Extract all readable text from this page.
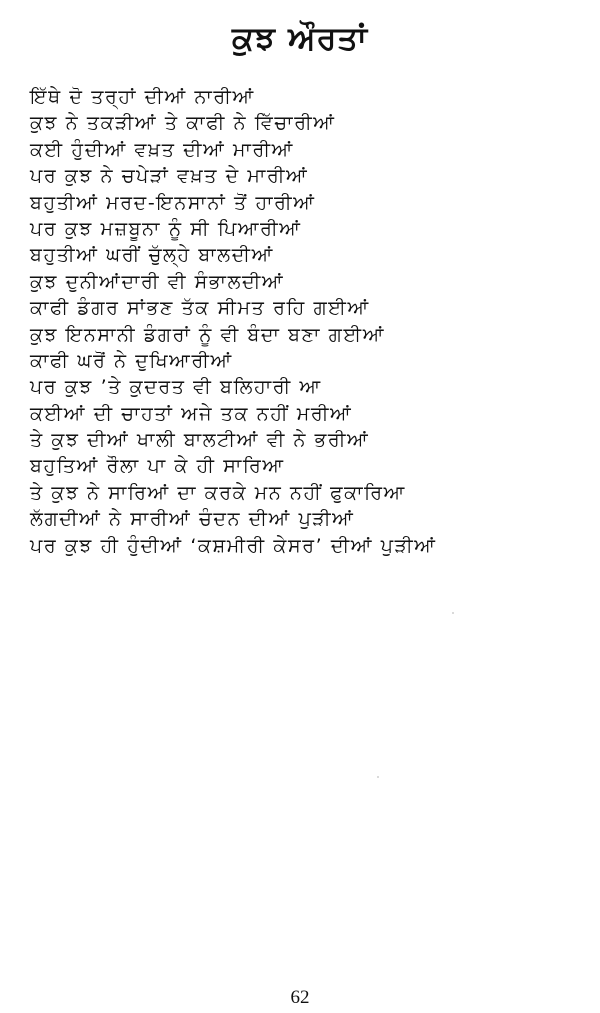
ਕੁਝ ਔਰਤਾਂ
ਇੱਥੇ ਦੋ ਤਰ੍ਹਾਂ ਦੀਆਂ ਨਾਰੀਆਂ
ਕੁਝ ਨੇ ਤਕੜੀਆਂ ਤੇ ਕਾਫੀ ਨੇ ਵਿੱਚਾਰੀਆਂ
ਕਈ ਹੁੰਦੀਆਂ ਵਖ਼ਤ ਦੀਆਂ ਮਾਰੀਆਂ
ਪਰ ਕੁਝ ਨੇ ਚਪੇੜਾਂ ਵਖ਼ਤ ਦੇ ਮਾਰੀਆਂ
ਬਹੁਤੀਆਂ ਮਰਦ-ਇਨਸਾਨਾਂ ਤੋਂ ਹਾਰੀਆਂ
ਪਰ ਕੁਝ ਮਜ਼ਬੂਨਾ ਨੂੰ ਸੀ ਪਿਆਰੀਆਂ
ਬਹੁਤੀਆਂ ਘਰੀਂ ਚੁੱਲ੍ਹੇ ਬਾਲਦੀਆਂ
ਕੁਝ ਦੁਨੀਆਂਦਾਰੀ ਵੀ ਸੰਭਾਲਦੀਆਂ
ਕਾਫੀ ਡੰਗਰ ਸਾਂਭਣ ਤੱਕ ਸੀਮਤ ਰਹਿ ਗਈਆਂ
ਕੁਝ ਇਨਸਾਨੀ ਡੰਗਰਾਂ ਨੂੰ ਵੀ ਬੰਦਾ ਬਣਾ ਗਈਆਂ
ਕਾਫੀ ਘਰੋਂ ਨੇ ਦੁਖਿਆਰੀਆਂ
ਪਰ ਕੁਝ ’ਤੇ ਕੁਦਰਤ ਵੀ ਬਲਿਹਾਰੀ ਆ
ਕਈਆਂ ਦੀ ਚਾਹਤਾਂ ਅਜੇ ਤਕ ਨਹੀਂ ਮਰੀਆਂ
ਤੇ ਕੁਝ ਦੀਆਂ ਖਾਲੀ ਬਾਲਟੀਆਂ ਵੀ ਨੇ ਭਰੀਆਂ
ਬਹੁਤਿਆਂ ਰੌਲਾ ਪਾ ਕੇ ਹੀ ਸਾਰਿਆ
ਤੇ ਕੁਝ ਨੇ ਸਾਰਿਆਂ ਦਾ ਕਰਕੇ ਮਨ ਨਹੀਂ ਫੁਕਾਰਿਆ
ਲੱਗਦੀਆਂ ਨੇ ਸਾਰੀਆਂ ਚੰਦਨ ਦੀਆਂ ਪੁੜੀਆਂ
ਪਰ ਕੁਝ ਹੀ ਹੁੰਦੀਆਂ ‘ਕਸ਼ਮੀਰੀ ਕੇਸਰ’ ਦੀਆਂ ਪੁੜੀਆਂ
62
